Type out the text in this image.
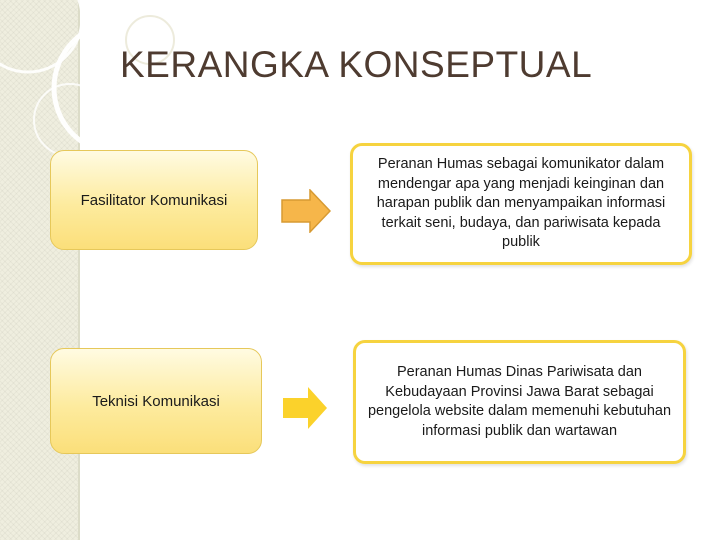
KERANGKA KONSEPTUAL
Fasilitator Komunikasi
Peranan Humas sebagai komunikator dalam mendengar apa yang menjadi keinginan dan harapan publik dan menyampaikan informasi terkait seni, budaya, dan pariwisata kepada publik
Teknisi Komunikasi
Peranan Humas Dinas Pariwisata dan Kebudayaan Provinsi Jawa Barat sebagai pengelola website dalam memenuhi kebutuhan informasi publik dan wartawan
